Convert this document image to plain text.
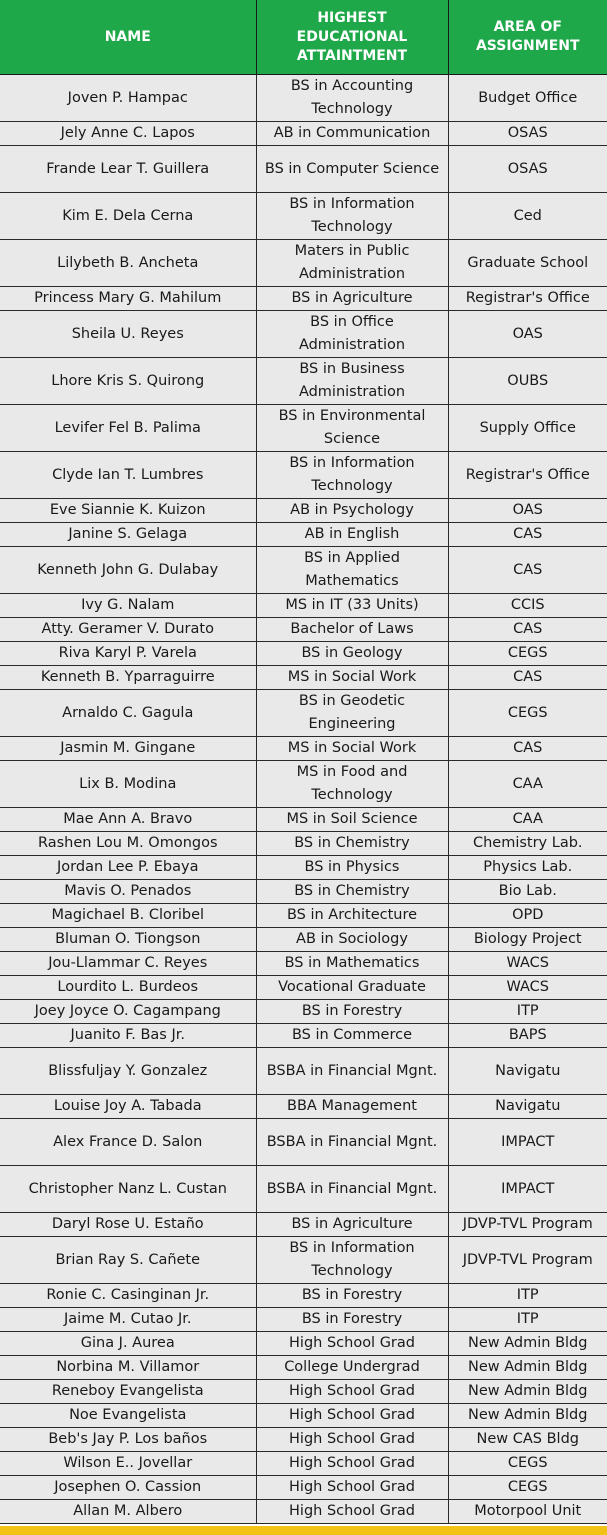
NAME	HIGHEST EDUCATIONAL ATTAINTMENT	AREA OF ASSIGNMENT
Joven P. Hampac	BS in Accounting Technology	Budget Office
Jely Anne C. Lapos	AB in Communication	OSAS
Frande Lear T. Guillera	BS in Computer Science	OSAS
Kim E. Dela Cerna	BS in Information Technology	Ced
Lilybeth B. Ancheta	Maters in Public Administration	Graduate School
Princess Mary G. Mahilum	BS in Agriculture	Registrar's Office
Sheila U. Reyes	BS in Office Administration	OAS
Lhore Kris S. Quirong	BS in Business Administration	OUBS
Levifer Fel B. Palima	BS in Environmental Science	Supply Office
Clyde Ian T. Lumbres	BS in Information Technology	Registrar's Office
Eve Siannie K. Kuizon	AB in Psychology	OAS
Janine S. Gelaga	AB in English	CAS
Kenneth John G. Dulabay	BS in Applied Mathematics	CAS
Ivy G. Nalam	MS in IT (33 Units)	CCIS
Atty. Geramer V. Durato	Bachelor of Laws	CAS
Riva Karyl P. Varela	BS in Geology	CEGS
Kenneth B. Yparraguirre	MS in Social Work	CAS
Arnaldo C. Gagula	BS in Geodetic Engineering	CEGS
Jasmin M. Gingane	MS in Social Work	CAS
Lix B. Modina	MS in Food and Technology	CAA
Mae Ann A. Bravo	MS in Soil Science	CAA
Rashen Lou M. Omongos	BS in Chemistry	Chemistry Lab.
Jordan Lee P. Ebaya	BS in Physics	Physics Lab.
Mavis O. Penados	BS in Chemistry	Bio Lab.
Magichael B. Cloribel	BS in Architecture	OPD
Bluman O. Tiongson	AB in Sociology	Biology Project
Jou-Llammar C. Reyes	BS in Mathematics	WACS
Lourdito L. Burdeos	Vocational Graduate	WACS
Joey Joyce O. Cagampang	BS in Forestry	ITP
Juanito F. Bas Jr.	BS in Commerce	BAPS
Blissfuljay Y. Gonzalez	BSBA in Financial Mgnt.	Navigatu
Louise Joy A. Tabada	BBA Management	Navigatu
Alex France D. Salon	BSBA in Financial Mgnt.	IMPACT
Christopher Nanz L. Custan	BSBA in Financial Mgnt.	IMPACT
Daryl Rose U. Estaño	BS in Agriculture	JDVP-TVL Program
Brian Ray S. Cañete	BS in Information Technology	JDVP-TVL Program
Ronie C. Casinginan Jr.	BS in Forestry	ITP
Jaime M. Cutao Jr.	BS in Forestry	ITP
Gina J. Aurea	High School Grad	New Admin Bldg
Norbina M. Villamor	College Undergrad	New Admin Bldg
Reneboy Evangelista	High School Grad	New Admin Bldg
Noe Evangelista	High School Grad	New Admin Bldg
Beb's Jay P. Los baños	High School Grad	New CAS Bldg
Wilson E.. Jovellar	High School Grad	CEGS
Josephen O. Cassion	High School Grad	CEGS
Allan M. Albero	High School Grad	Motorpool Unit
